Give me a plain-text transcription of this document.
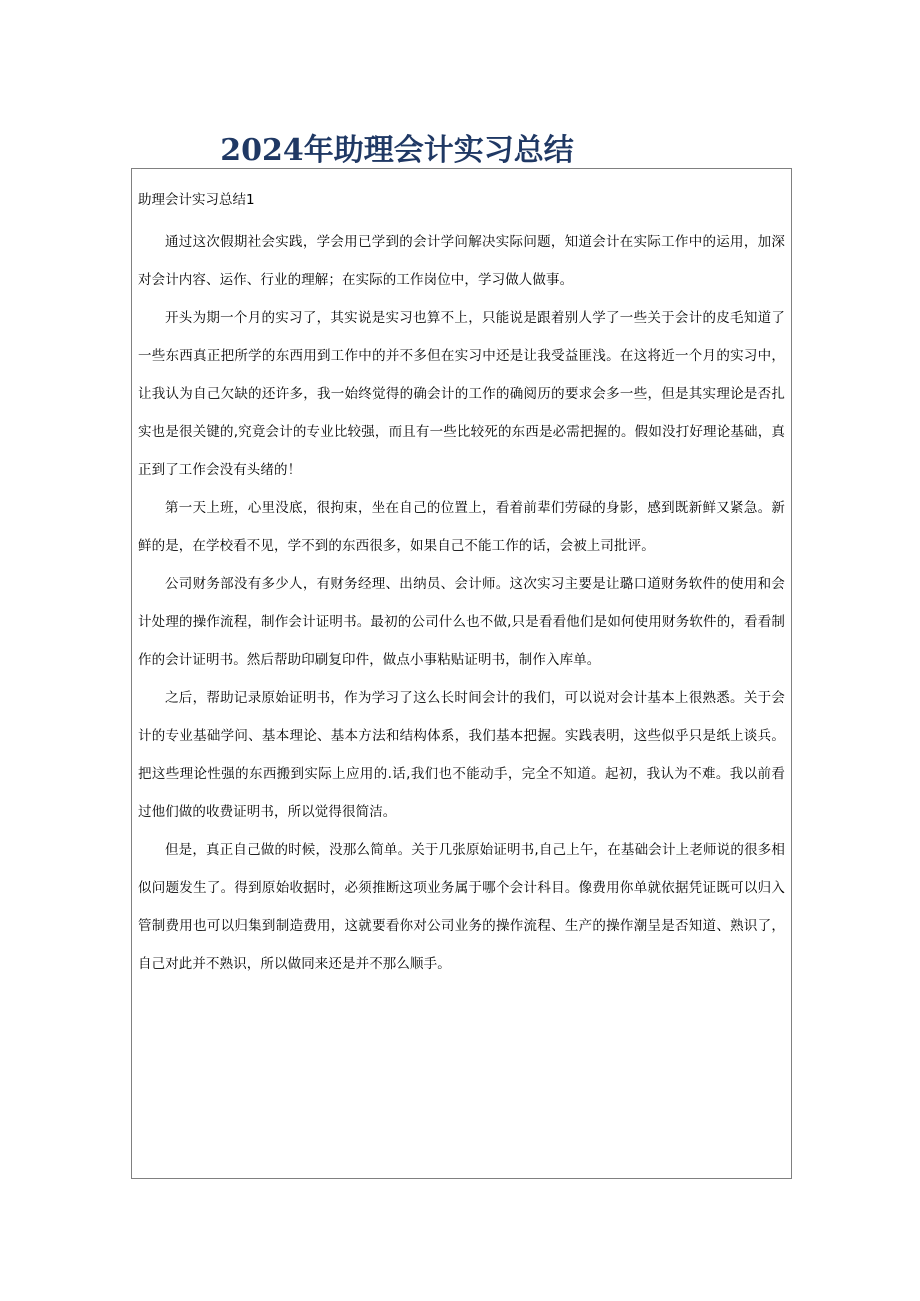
2024年助理会计实习总结

助理会计实习总结1

通过这次假期社会实践，学会用已学到的会计学问解决实际问题，知道会计在实际工作中的运用，加深对会计内容、运作、行业的理解；在实际的工作岗位中，学习做人做事。

开头为期一个月的实习了，其实说是实习也算不上，只能说是跟着别人学了一些关于会计的皮毛知道了一些东西真正把所学的东西用到工作中的并不多但在实习中还是让我受益匪浅。在这将近一个月的实习中，让我认为自己欠缺的还许多，我一始终觉得的确会计的工作的确阅历的要求会多一些，但是其实理论是否扎实也是很关键的,究竟会计的专业比较强，而且有一些比较死的东西是必需把握的。假如没打好理论基础，真正到了工作会没有头绪的！

第一天上班，心里没底，很拘束，坐在自己的位置上，看着前辈们劳碌的身影，感到既新鲜又紧急。新鲜的是，在学校看不见，学不到的东西很多，如果自己不能工作的话，会被上司批评。

公司财务部没有多少人，有财务经理、出纳员、会计师。这次实习主要是让璐口道财务软件的使用和会计处理的操作流程，制作会计证明书。最初的公司什么也不做,只是看看他们是如何使用财务软件的，看看制作的会计证明书。然后帮助印刷复印件，做点小事粘贴证明书，制作入库单。

之后，帮助记录原始证明书，作为学习了这么长时间会计的我们，可以说对会计基本上很熟悉。关于会计的专业基础学问、基本理论、基本方法和结构体系，我们基本把握。实践表明，这些似乎只是纸上谈兵。把这些理论性强的东西搬到实际上应用的.话,我们也不能动手，完全不知道。起初，我认为不难。我以前看过他们做的收费证明书，所以觉得很简洁。

但是，真正自己做的时候，没那么简单。关于几张原始证明书,自己上午，在基础会计上老师说的很多相似问题发生了。得到原始收据时，必须推断这项业务属于哪个会计科目。像费用你单就依据凭证既可以归入管制费用也可以归集到制造费用，这就要看你对公司业务的操作流程、生产的操作潮呈是否知道、熟识了，自己对此并不熟识，所以做同来还是并不那么顺手。
